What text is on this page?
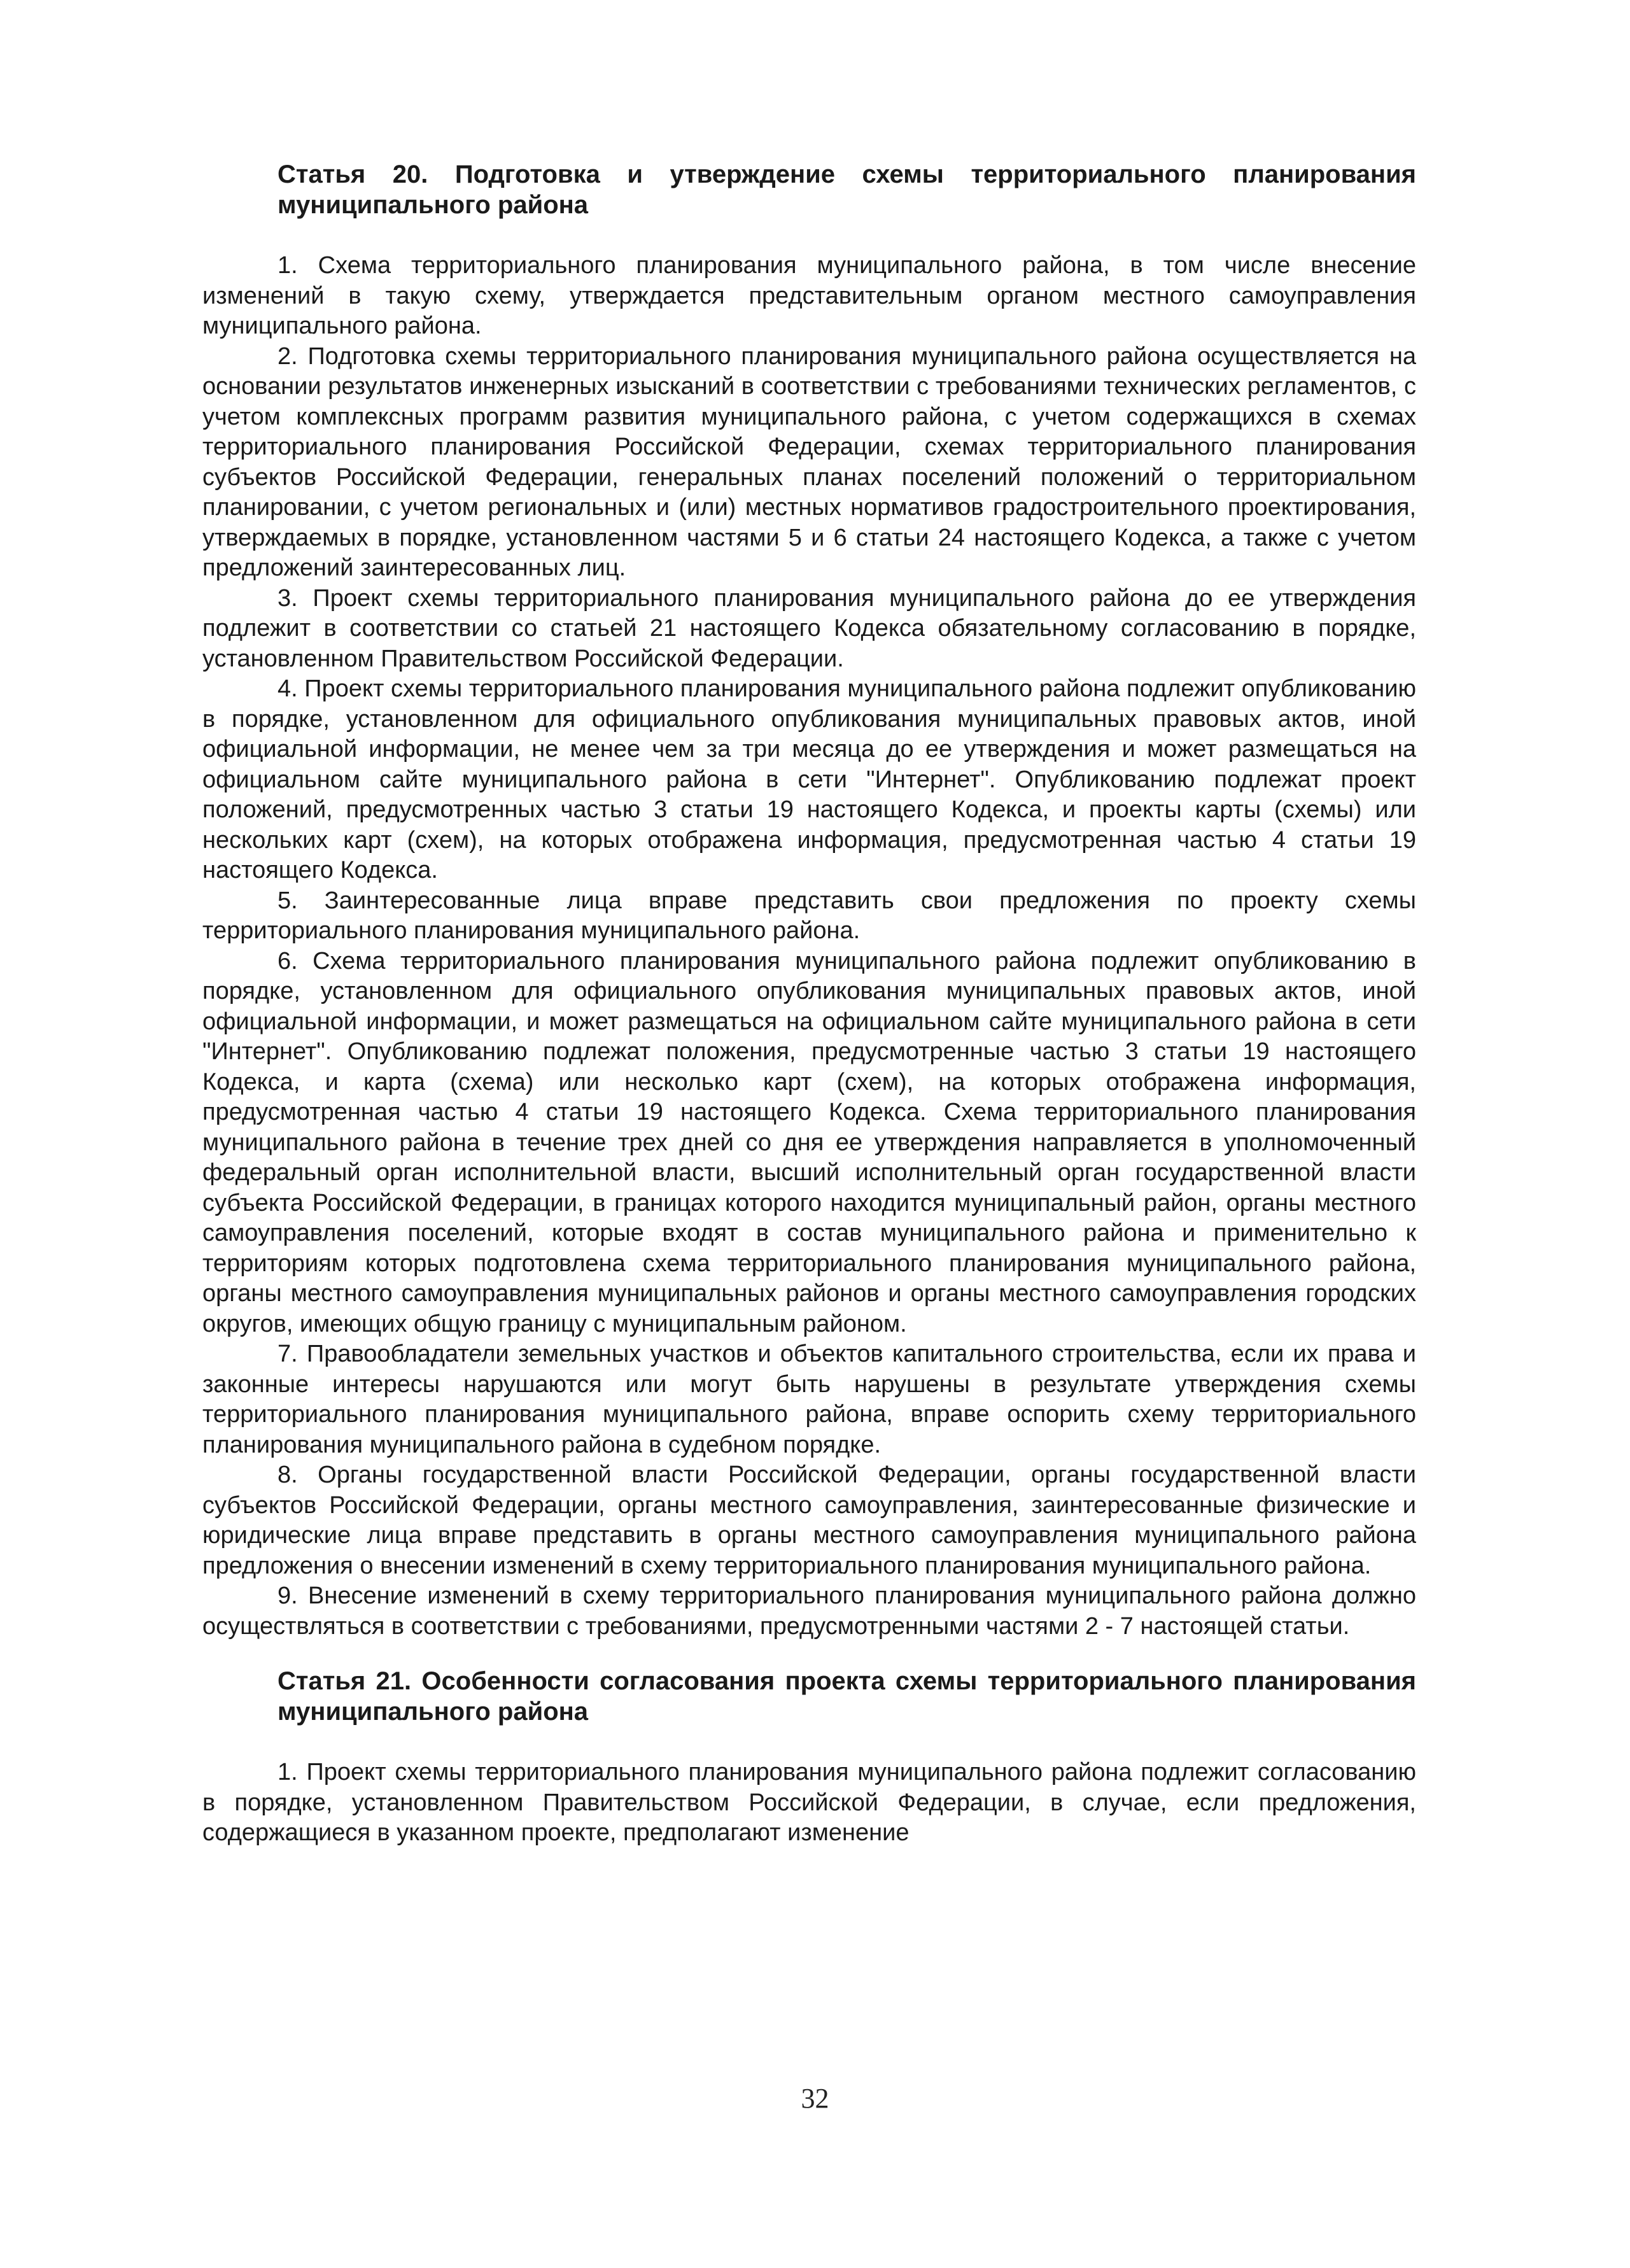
Статья 20. Подготовка и утверждение схемы территориального планирования муниципального района

1. Схема территориального планирования муниципального района, в том числе внесение изменений в такую схему, утверждается представительным органом местного самоуправления муниципального района.

2. Подготовка схемы территориального планирования муниципального района осуществляется на основании результатов инженерных изысканий в соответствии с требованиями технических регламентов, с учетом комплексных программ развития муниципального района, с учетом содержащихся в схемах территориального планирования Российской Федерации, схемах территориального планирования субъектов Российской Федерации, генеральных планах поселений положений о территориальном планировании, с учетом региональных и (или) местных нормативов градостроительного проектирования, утверждаемых в порядке, установленном частями 5 и 6 статьи 24 настоящего Кодекса, а также с учетом предложений заинтересованных лиц.

3. Проект схемы территориального планирования муниципального района до ее утверждения подлежит в соответствии со статьей 21 настоящего Кодекса обязательному согласованию в порядке, установленном Правительством Российской Федерации.

4. Проект схемы территориального планирования муниципального района подлежит опубликованию в порядке, установленном для официального опубликования муниципальных правовых актов, иной официальной информации, не менее чем за три месяца до ее утверждения и может размещаться на официальном сайте муниципального района в сети "Интернет". Опубликованию подлежат проект положений, предусмотренных частью 3 статьи 19 настоящего Кодекса, и проекты карты (схемы) или нескольких карт (схем), на которых отображена информация, предусмотренная частью 4 статьи 19 настоящего Кодекса.

5. Заинтересованные лица вправе представить свои предложения по проекту схемы территориального планирования муниципального района.

6. Схема территориального планирования муниципального района подлежит опубликованию в порядке, установленном для официального опубликования муниципальных правовых актов, иной официальной информации, и может размещаться на официальном сайте муниципального района в сети "Интернет". Опубликованию подлежат положения, предусмотренные частью 3 статьи 19 настоящего Кодекса, и карта (схема) или несколько карт (схем), на которых отображена информация, предусмотренная частью 4 статьи 19 настоящего Кодекса. Схема территориального планирования муниципального района в течение трех дней со дня ее утверждения направляется в уполномоченный федеральный орган исполнительной власти, высший исполнительный орган государственной власти субъекта Российской Федерации, в границах которого находится муниципальный район, органы местного самоуправления поселений, которые входят в состав муниципального района и применительно к территориям которых подготовлена схема территориального планирования муниципального района, органы местного самоуправления муниципальных районов и органы местного самоуправления городских округов, имеющих общую границу с муниципальным районом.

7. Правообладатели земельных участков и объектов капитального строительства, если их права и законные интересы нарушаются или могут быть нарушены в результате утверждения схемы территориального планирования муниципального района, вправе оспорить схему территориального планирования муниципального района в судебном порядке.

8. Органы государственной власти Российской Федерации, органы государственной власти субъектов Российской Федерации, органы местного самоуправления, заинтересованные физические и юридические лица вправе представить в органы местного самоуправления муниципального района предложения о внесении изменений в схему территориального планирования муниципального района.

9. Внесение изменений в схему территориального планирования муниципального района должно осуществляться в соответствии с требованиями, предусмотренными частями 2 - 7 настоящей статьи.

Статья 21. Особенности согласования проекта схемы территориального планирования муниципального района

1. Проект схемы территориального планирования муниципального района подлежит согласованию в порядке, установленном Правительством Российской Федерации, в случае, если предложения, содержащиеся в указанном проекте, предполагают изменение

32
